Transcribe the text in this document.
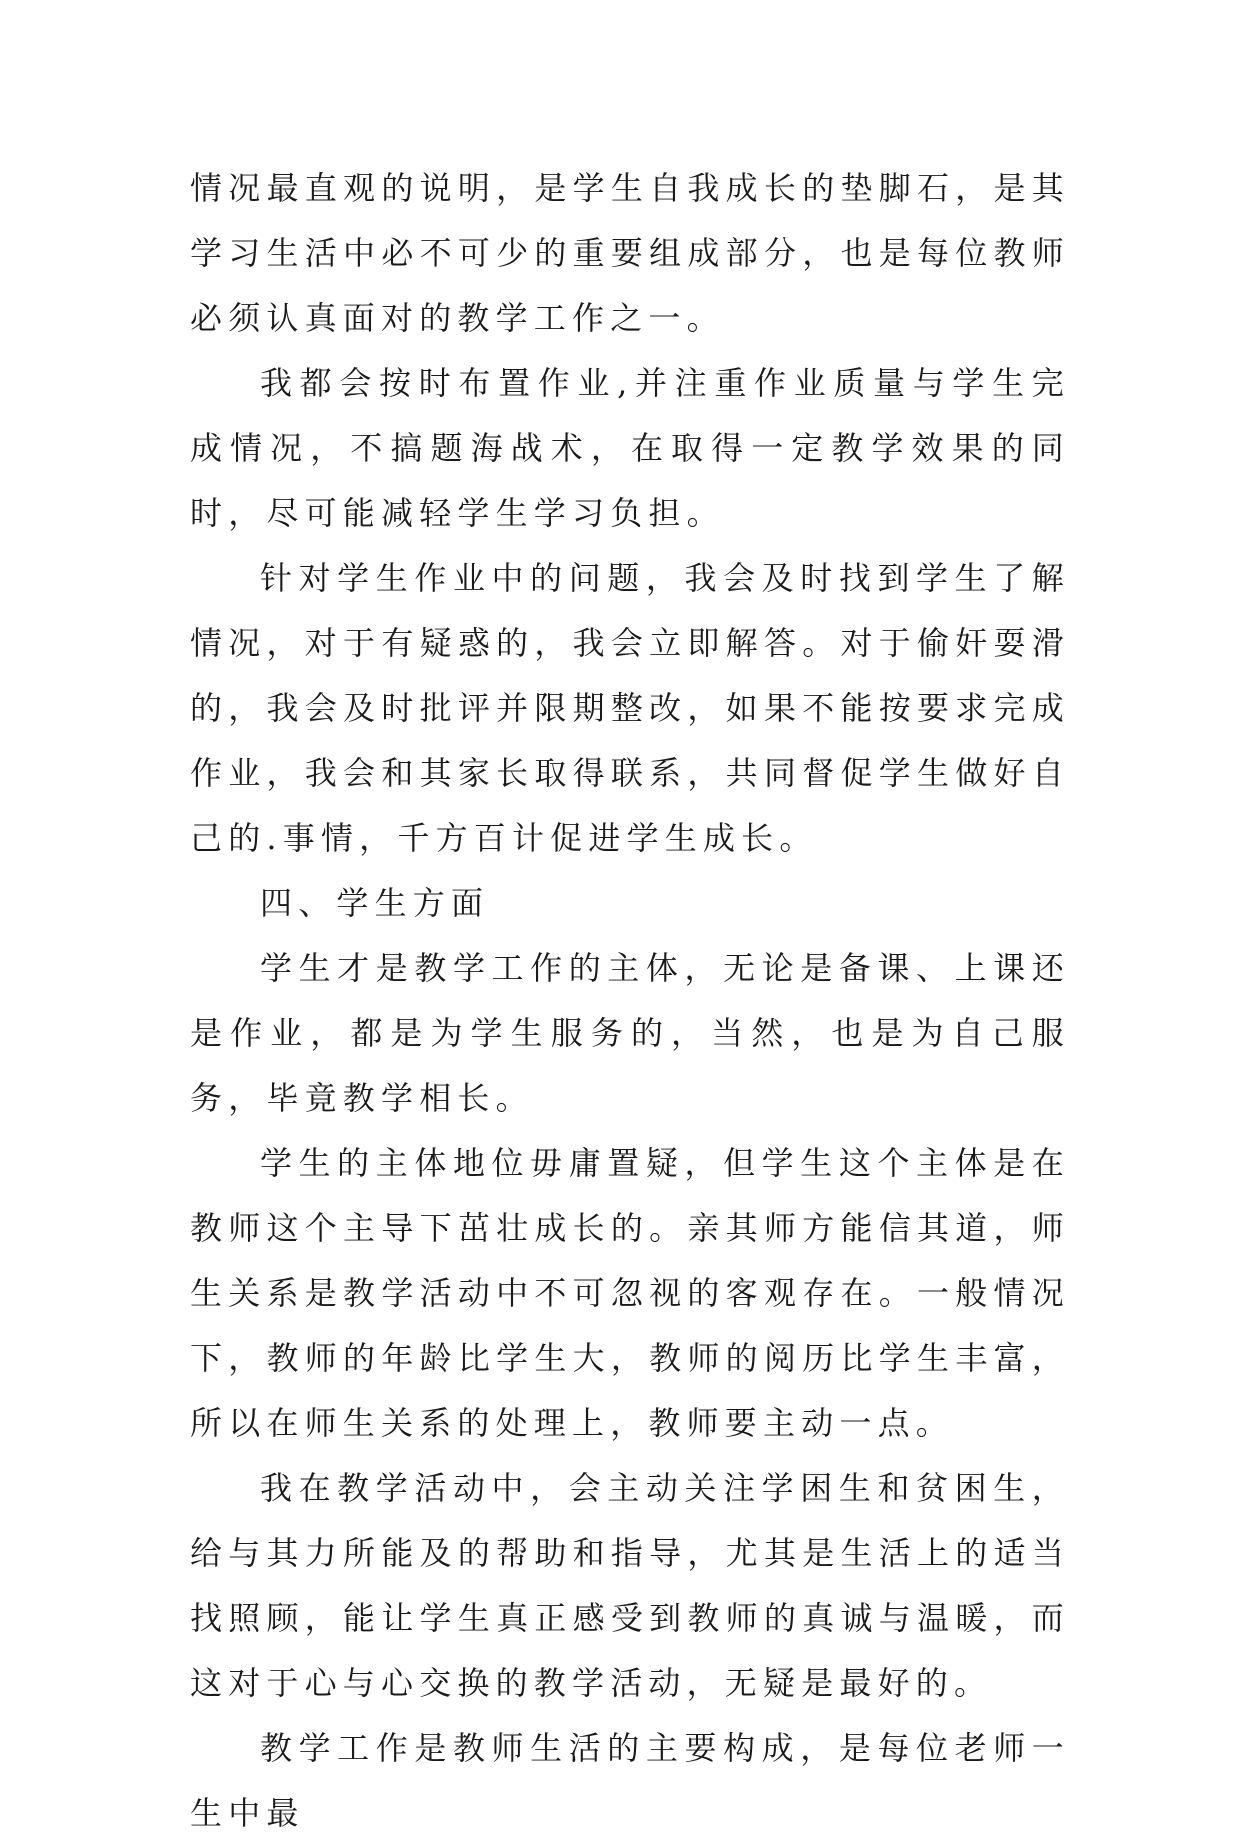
情况最直观的说明，是学生自我成长的垫脚石，是其学习生活中必不可少的重要组成部分，也是每位教师必须认真面对的教学工作之一。

我都会按时布置作业,并注重作业质量与学生完成情况，不搞题海战术，在取得一定教学效果的同时，尽可能减轻学生学习负担。

针对学生作业中的问题，我会及时找到学生了解情况，对于有疑惑的，我会立即解答。对于偷奸耍滑的，我会及时批评并限期整改，如果不能按要求完成作业，我会和其家长取得联系，共同督促学生做好自己的.事情，千方百计促进学生成长。

四、学生方面

学生才是教学工作的主体，无论是备课、上课还是作业，都是为学生服务的，当然，也是为自己服务，毕竟教学相长。

学生的主体地位毋庸置疑，但学生这个主体是在教师这个主导下茁壮成长的。亲其师方能信其道，师生关系是教学活动中不可忽视的客观存在。一般情况下，教师的年龄比学生大，教师的阅历比学生丰富，所以在师生关系的处理上，教师要主动一点。

我在教学活动中，会主动关注学困生和贫困生，给与其力所能及的帮助和指导，尤其是生活上的适当找照顾，能让学生真正感受到教师的真诚与温暖，而这对于心与心交换的教学活动，无疑是最好的。

教学工作是教师生活的主要构成，是每位老师一生中最
